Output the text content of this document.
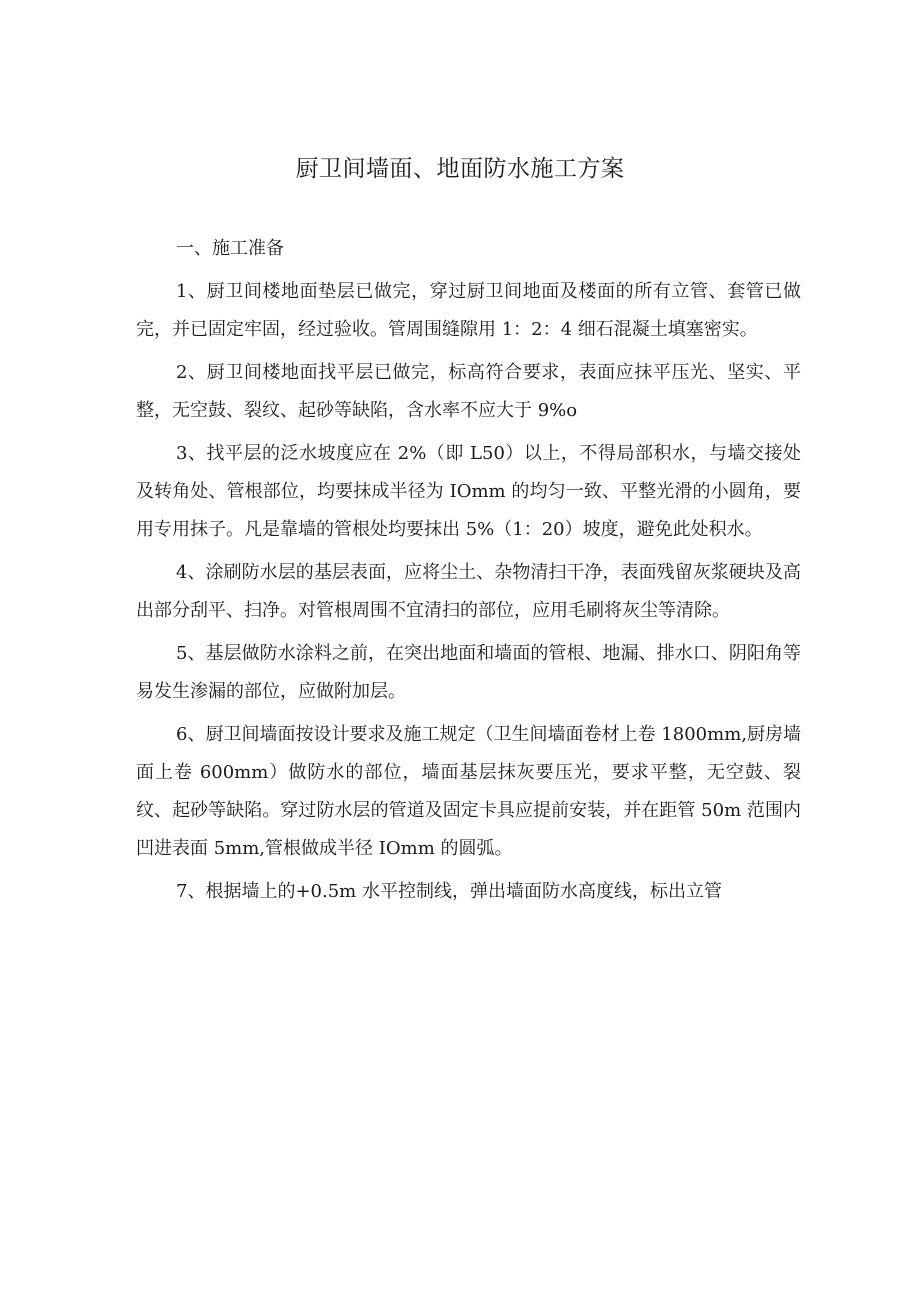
厨卫间墙面、地面防水施工方案

一、施工准备

1、厨卫间楼地面垫层已做完，穿过厨卫间地面及楼面的所有立管、套管已做完，并已固定牢固，经过验收。管周围缝隙用 1：2：4 细石混凝土填塞密实。

2、厨卫间楼地面找平层已做完，标高符合要求，表面应抹平压光、坚实、平整，无空鼓、裂纹、起砂等缺陷，含水率不应大于 9%o

3、找平层的泛水坡度应在 2%（即 L50）以上，不得局部积水，与墙交接处及转角处、管根部位，均要抹成半径为 IOmm 的均匀一致、平整光滑的小圆角，要用专用抹子。凡是靠墙的管根处均要抹出 5%（1：20）坡度，避免此处积水。

4、涂刷防水层的基层表面，应将尘土、杂物清扫干净，表面残留灰浆硬块及高出部分刮平、扫净。对管根周围不宜清扫的部位，应用毛刷将灰尘等清除。

5、基层做防水涂料之前，在突出地面和墙面的管根、地漏、排水口、阴阳角等易发生渗漏的部位，应做附加层。

6、厨卫间墙面按设计要求及施工规定（卫生间墙面卷材上卷 1800mm,厨房墙面上卷 600mm）做防水的部位，墙面基层抹灰要压光，要求平整，无空鼓、裂纹、起砂等缺陷。穿过防水层的管道及固定卡具应提前安装，并在距管 50m 范围内凹进表面 5mm,管根做成半径 IOmm 的圆弧。

7、根据墙上的+0.5m 水平控制线，弹出墙面防水高度线，标出立管
